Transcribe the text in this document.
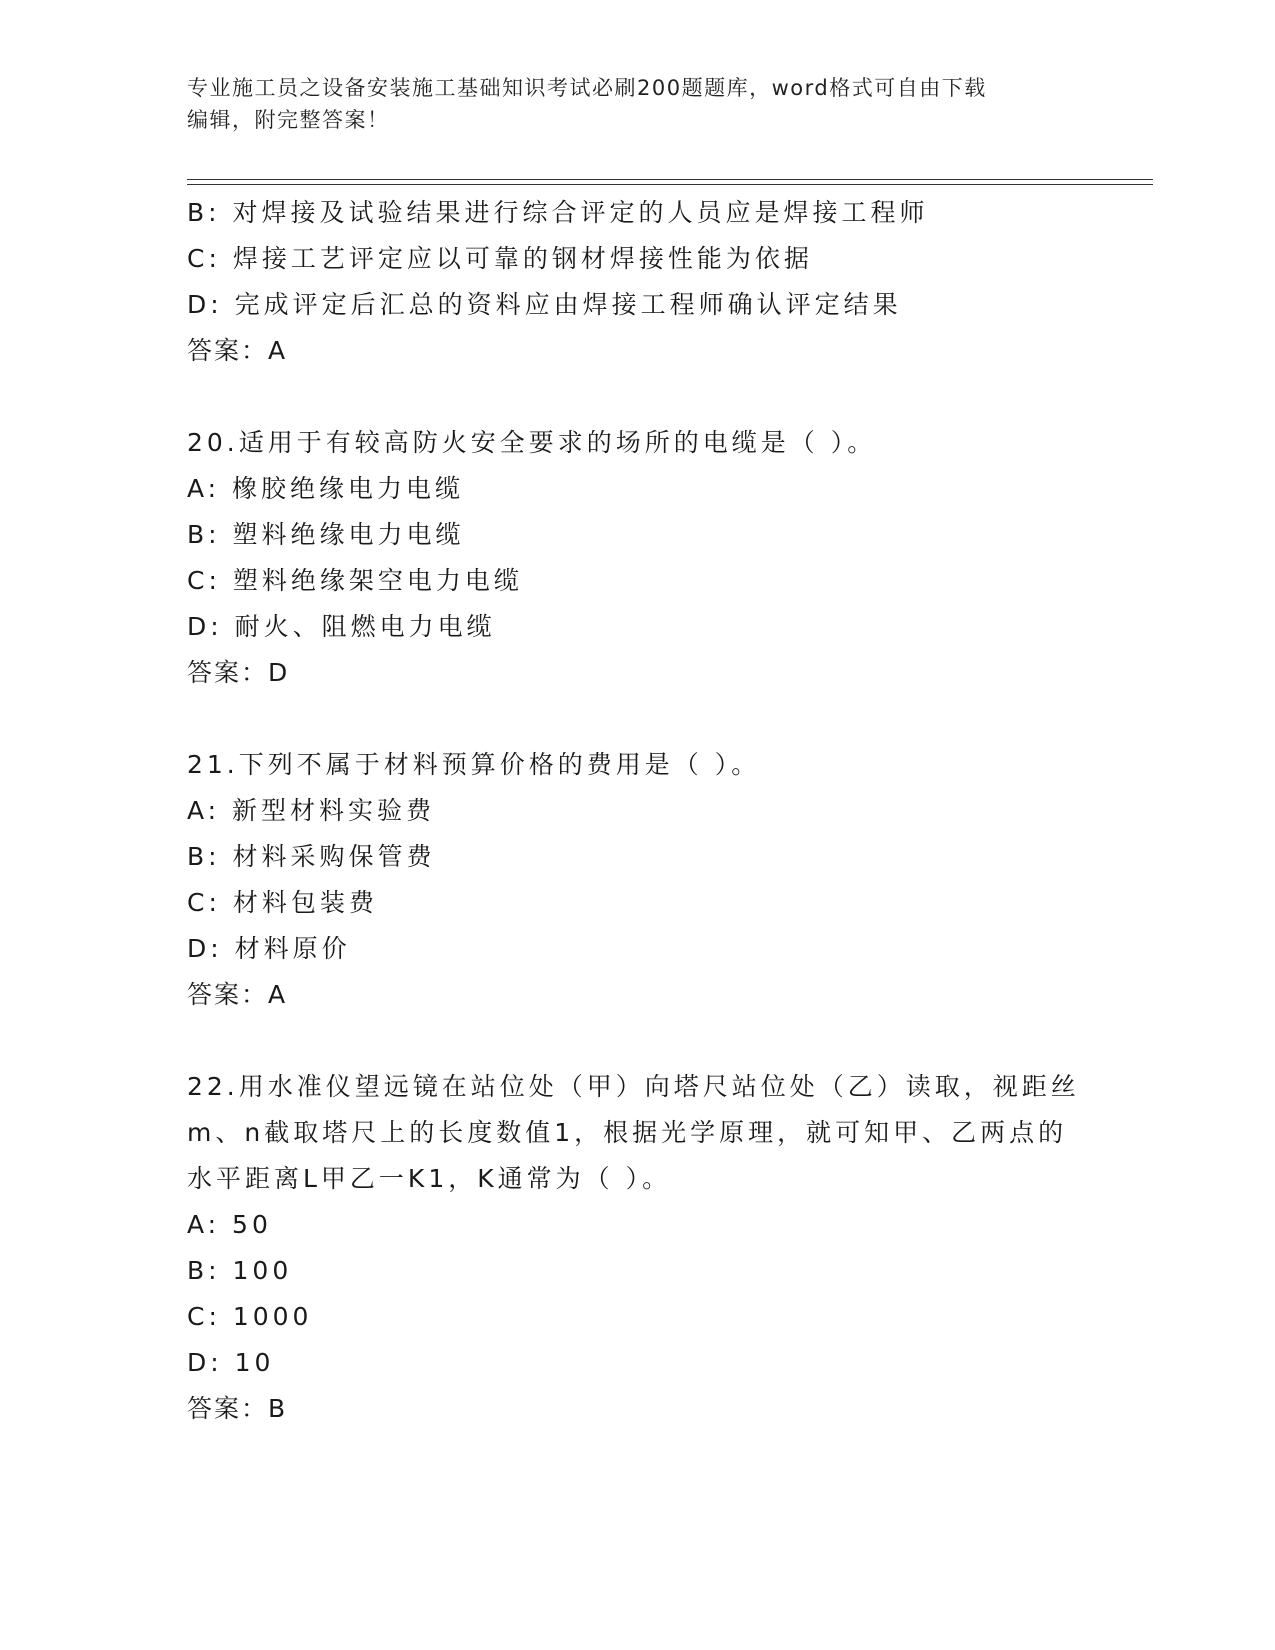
专业施工员之设备安装施工基础知识考试必刷200题题库，word格式可自由下载
编辑，附完整答案！
B: 对焊接及试验结果进行综合评定的人员应是焊接工程师
C: 焊接工艺评定应以可靠的钢材焊接性能为依据
D: 完成评定后汇总的资料应由焊接工程师确认评定结果
答案：A
20.适用于有较高防火安全要求的场所的电缆是（ ）。
A: 橡胶绝缘电力电缆
B: 塑料绝缘电力电缆
C: 塑料绝缘架空电力电缆
D: 耐火、阻燃电力电缆
答案：D
21.下列不属于材料预算价格的费用是（ ）。
A: 新型材料实验费
B: 材料采购保管费
C: 材料包装费
D: 材料原价
答案：A
22.用水准仪望远镜在站位处（甲）向塔尺站位处（乙）读取，视距丝
m、n截取塔尺上的长度数值1，根据光学原理，就可知甲、乙两点的
水平距离L甲乙一K1，K通常为（ ）。
A: 50
B: 100
C: 1000
D: 10
答案：B
